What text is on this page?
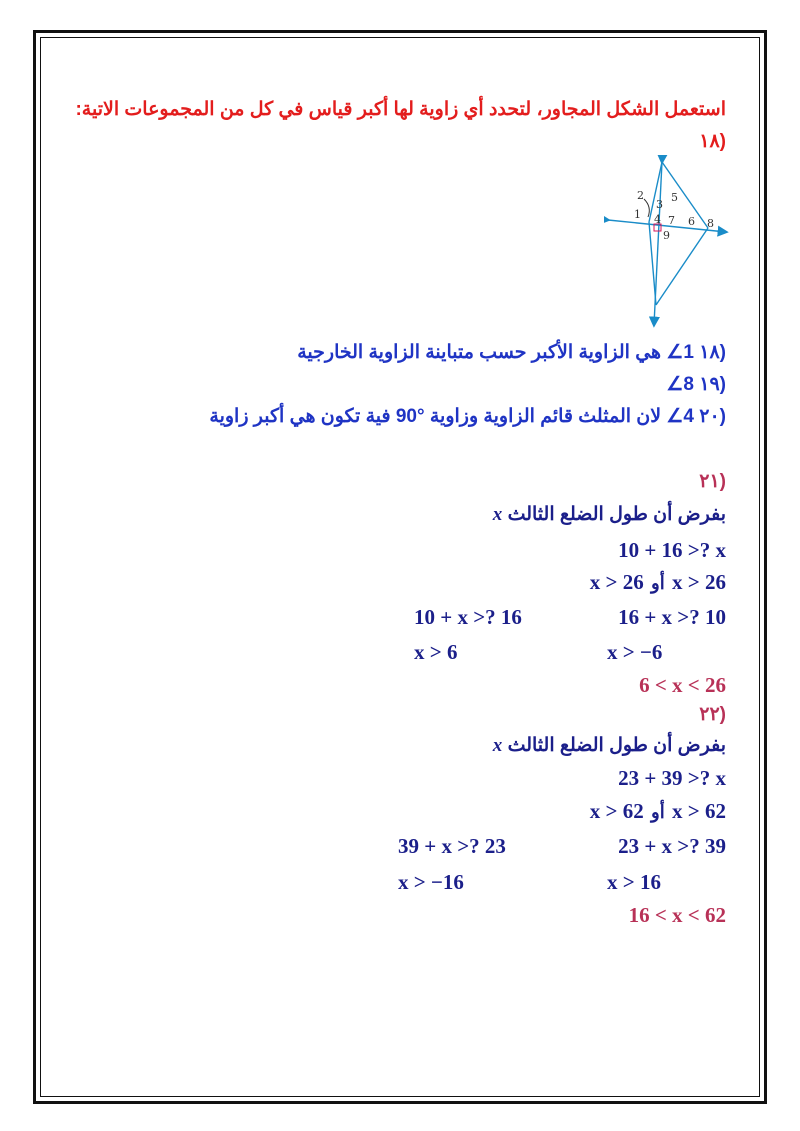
استعمل الشكل المجاور، لتحدد أي زاوية لها أكبر قياس في كل من المجموعات الاتية:
(١٨
2
3
5
1 4 7 6 8
9
(١٨ ∠1 هي الزاوية الأكبر حسب متباينة الزاوية الخارجية
(١٩ ∠8
(٢٠ ∠4 لان المثلث قائم الزاوية وزاوية 90° فية تكون هي أكبر زاوية
(٢١
بفرض أن طول الضلع الثالث x
10 + 16 >? x
x > 26 أو 26 < x
16 + x >? 10
10 + x >? 16
x > −6
x > 6
6 < x < 26
(٢٢
بفرض أن طول الضلع الثالث x
23 + 39 >? x
x > 62 أو 62 < x
23 + x >? 39
39 + x >? 23
x > 16
x > −16
16 < x < 62
